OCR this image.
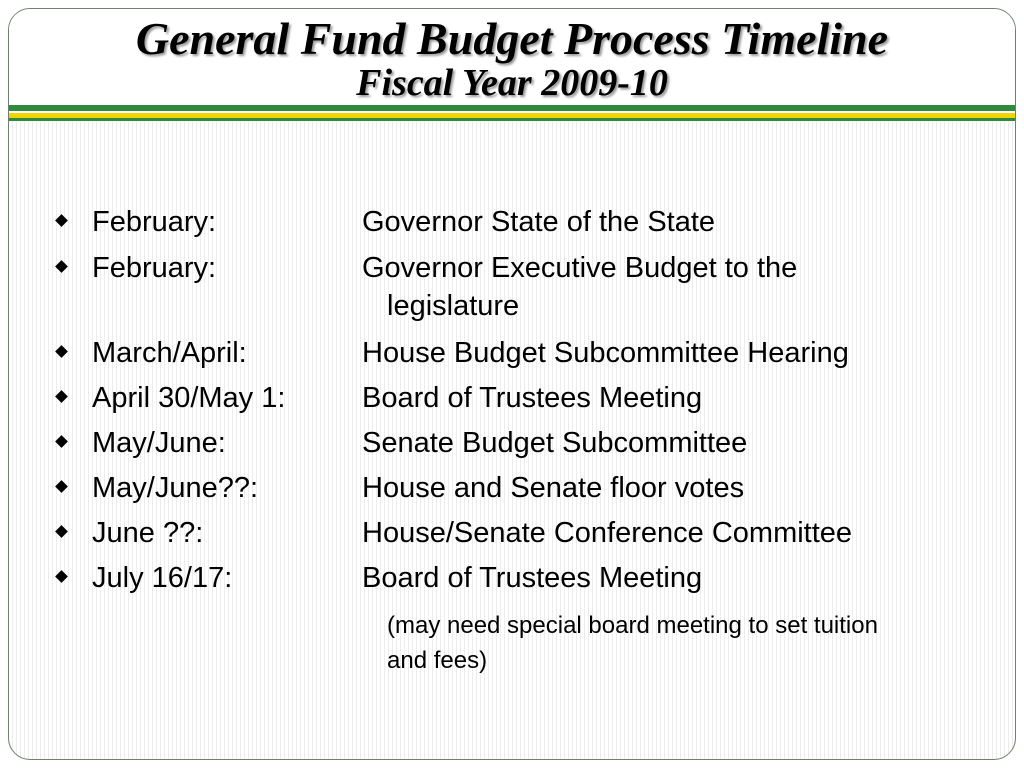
General Fund Budget Process Timeline
Fiscal Year 2009-10
February:	Governor State of the State
February:	Governor Executive Budget to the
legislature
March/April:	House Budget Subcommittee Hearing
April 30/May 1:	Board of Trustees Meeting
May/June:	Senate Budget Subcommittee
May/June??:	House and Senate floor votes
June ??:	House/Senate Conference Committee
July 16/17:	Board of Trustees Meeting
(may need special board meeting to set tuition
and fees)
